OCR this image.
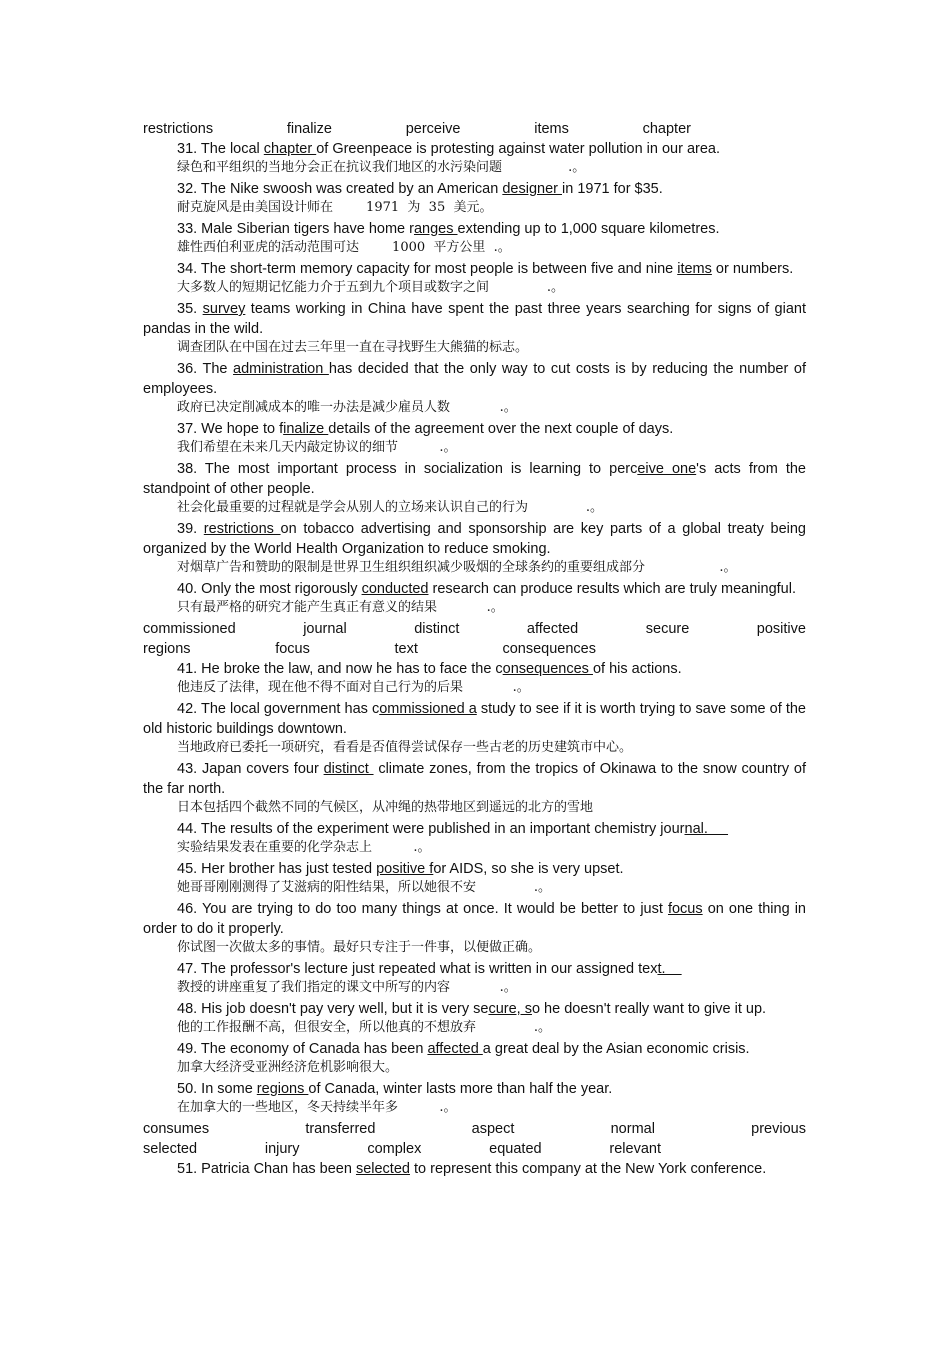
restrictions	finalize	perceive	items	chapter

31. The local chapter of Greenpeace is protesting against water pollution in our area.

绿色和平组织的当地分会正在抗议我们地区的水污染问题                .。

32. The Nike swoosh was created by an American designer in 1971 for $35.

耐克旋风是由美国设计师在        1971  为  35  美元。

33. Male Siberian tigers have home ranges extending up to 1,000 square kilometres.

雄性西伯利亚虎的活动范围可达        1000  平方公里  .。

34. The short-term memory capacity for most people is between five and nine items or numbers.

大多数人的短期记忆能力介于五到九个项目或数字之间              .。

35. survey teams working in China have spent the past three years searching for signs of giant pandas in the wild.

调查团队在中国在过去三年里一直在寻找野生大熊猫的标志。

36. The administration has decided that the only way to cut costs is by reducing the number of employees.

政府已决定削减成本的唯一办法是减少雇员人数            .。

37. We hope to finalize details of the agreement over the next couple of days.

我们希望在未来几天内敲定协议的细节          .。

38. The most important process in socialization is learning to perceive one's acts from the standpoint of other people.

社会化最重要的过程就是学会从别人的立场来认识自己的行为              .。

39. restrictions on tobacco advertising and sponsorship are key parts of a global treaty being organized by the World Health Organization to reduce smoking.

对烟草广告和赞助的限制是世界卫生组织组织减少吸烟的全球条约的重要组成部分                  .。

40. Only the most rigorously conducted research can produce results which are truly meaningful.

只有最严格的研究才能产生真正有意义的结果            .。

commissioned	journal	distinct	affected	secure	positive
regions	focus	text	consequences

41. He broke the law, and now he has to face the consequences of his actions.

他违反了法律，现在他不得不面对自己行为的后果            .。

42. The local government has commissioned a study to see if it is worth trying to save some of the old historic buildings downtown.

当地政府已委托一项研究，看看是否值得尝试保存一些古老的历史建筑市中心。

43. Japan covers four distinct  climate zones, from the tropics of Okinawa to the snow country of the far north.

日本包括四个截然不同的气候区，从冲绳的热带地区到遥远的北方的雪地

44. The results of the experiment were published in an important chemistry journal.

实验结果发表在重要的化学杂志上          .。

45. Her brother has just tested positive for AIDS, so she is very upset.

她哥哥刚刚测得了艾滋病的阳性结果，所以她很不安              .。

46. You are trying to do too many things at once. It would be better to just focus on one thing in order to do it properly.

你试图一次做太多的事情。最好只专注于一件事，以便做正确。

47. The professor's lecture just repeated what is written in our assigned text.

教授的讲座重复了我们指定的课文中所写的内容            .。

48. His job doesn't pay very well, but it is very secure, so he doesn't really want to give it up.

他的工作报酬不高，但很安全，所以他真的不想放弃              .。

49. The economy of Canada has been affected a great deal by the Asian economic crisis.

加拿大经济受亚洲经济危机影响很大。

50. In some regions of Canada, winter lasts more than half the year.

在加拿大的一些地区，冬天持续半年多          .。

consumes	transferred	aspect	normal	previous
selected	injury	complex	equated	relevant

51. Patricia Chan has been selected to represent this company at the New York conference.
